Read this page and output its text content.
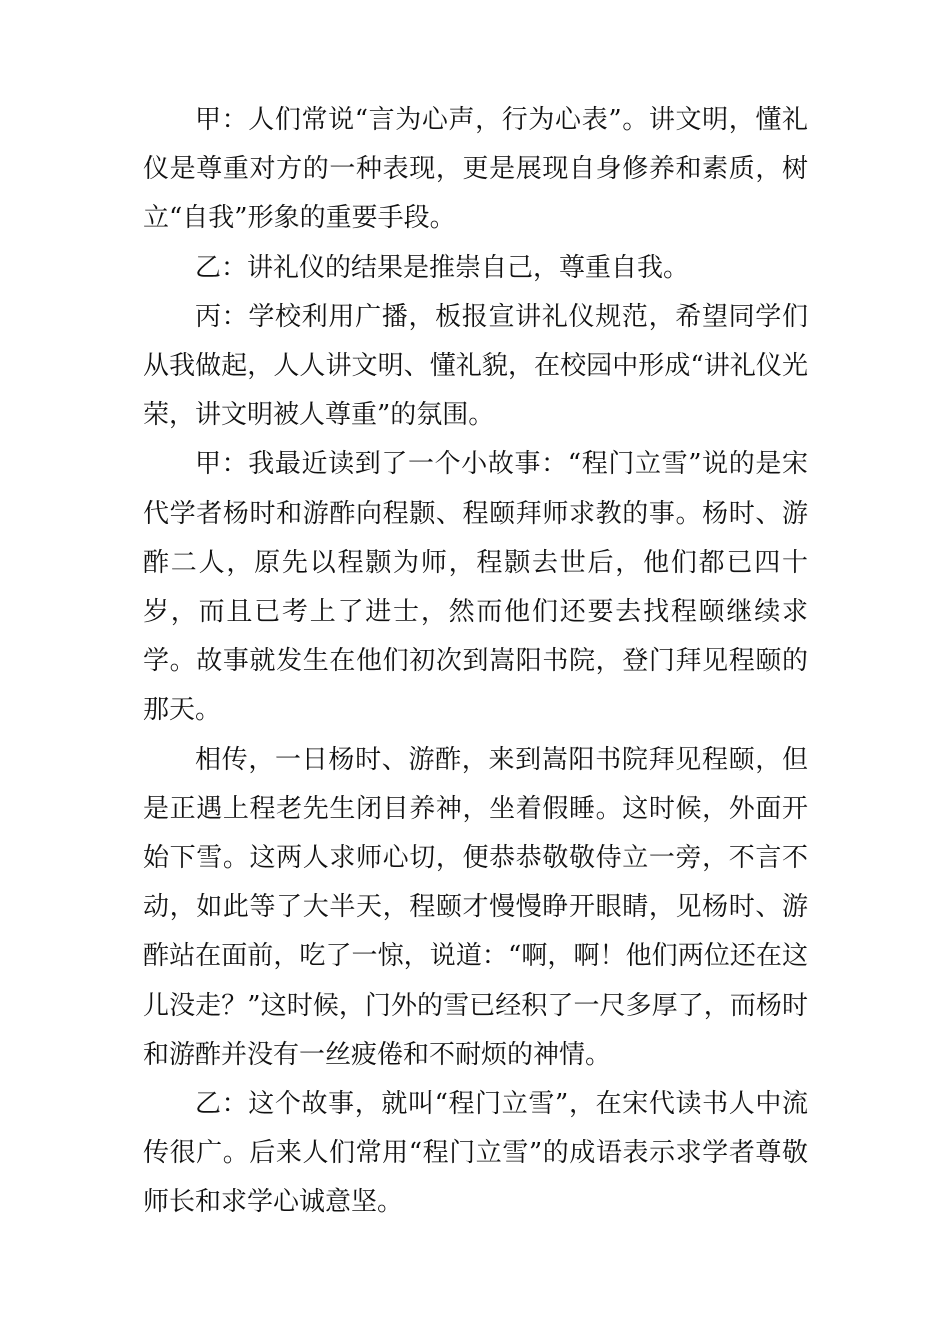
甲：人们常说“言为心声，行为心表”。讲文明，懂礼仪是尊重对方的一种表现，更是展现自身修养和素质，树立“自我”形象的重要手段。

乙：讲礼仪的结果是推崇自己，尊重自我。

丙：学校利用广播，板报宣讲礼仪规范，希望同学们从我做起，人人讲文明、懂礼貌，在校园中形成“讲礼仪光荣，讲文明被人尊重”的氛围。

甲：我最近读到了一个小故事：“程门立雪”说的是宋代学者杨时和游酢向程颢、程颐拜师求教的事。杨时、游酢二人，原先以程颢为师，程颢去世后，他们都已四十岁，而且已考上了进士，然而他们还要去找程颐继续求学。故事就发生在他们初次到嵩阳书院，登门拜见程颐的那天。

相传，一日杨时、游酢，来到嵩阳书院拜见程颐，但是正遇上程老先生闭目养神，坐着假睡。这时候，外面开始下雪。这两人求师心切，便恭恭敬敬侍立一旁，不言不动，如此等了大半天，程颐才慢慢睁开眼睛，见杨时、游酢站在面前，吃了一惊，说道：“啊，啊！他们两位还在这儿没走？”这时候，门外的雪已经积了一尺多厚了，而杨时和游酢并没有一丝疲倦和不耐烦的神情。

乙：这个故事，就叫“程门立雪”，在宋代读书人中流传很广。后来人们常用“程门立雪”的成语表示求学者尊敬师长和求学心诚意坚。
